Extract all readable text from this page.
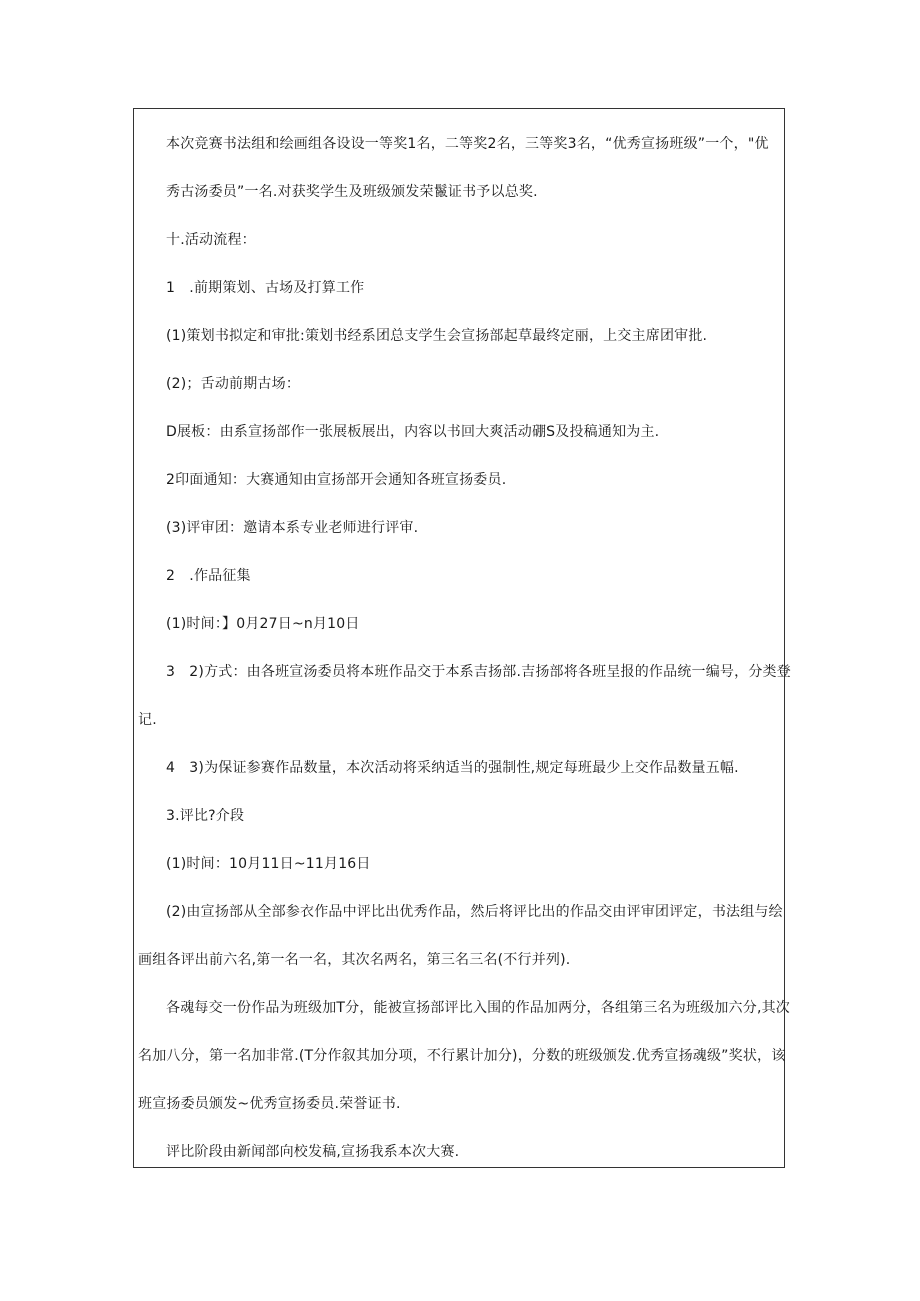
本次竞赛书法组和绘画组各设设一等奖1名，二等奖2名，三等奖3名，“优秀宣扬班级”一个，"优
秀古汤委员”一名.对获奖学生及班级颁发荣鬣证书予以总奖.
十.活动流程：
1　.前期策划、古场及打算工作
(1)策划书拟定和审批:策划书经系团总支学生会宣扬部起草最终定丽，上交主席团审批.
(2)；舌动前期古场：
D展板：由系宣扬部作一张展板展出，内容以书回大爽活动硼S及投稿通知为主.
2印面通知：大赛通知由宣扬部开会通知各班宣扬委员.
(3)评审团：邀请本系专业老师进行评审.
2　.作品征集
(1)时间：】0月27日~n月10日
3　2)方式：由各班宣汤委员将本班作品交于本系吉扬部.吉扬部将各班呈报的作品统一编号，分类登
记.
4　3)为保证参赛作品数量，本次活动将采纳适当的强制性,规定每班最少上交作品数量五幅.
3.评比?介段
(1)时间：10月11日~11月16日
(2)由宣扬部从全部参衣作品中评比出优秀作品，然后将评比出的作品交由评审团评定，书法组与绘
画组各评出前六名,第一名一名，其次名两名，第三名三名(不行并列).
各魂每交一份作品为班级加T分，能被宣扬部评比入围的作品加两分，各组第三名为班级加六分,其次
名加八分，第一名加非常.(T分作叙其加分项，不行累计加分)，分数的班级颁发.优秀宣扬魂级”奖状，该
班宣扬委员颁发~优秀宣扬委员.荣誉证书.
评比阶段由新闻部向校发稿,宣扬我系本次大赛.
